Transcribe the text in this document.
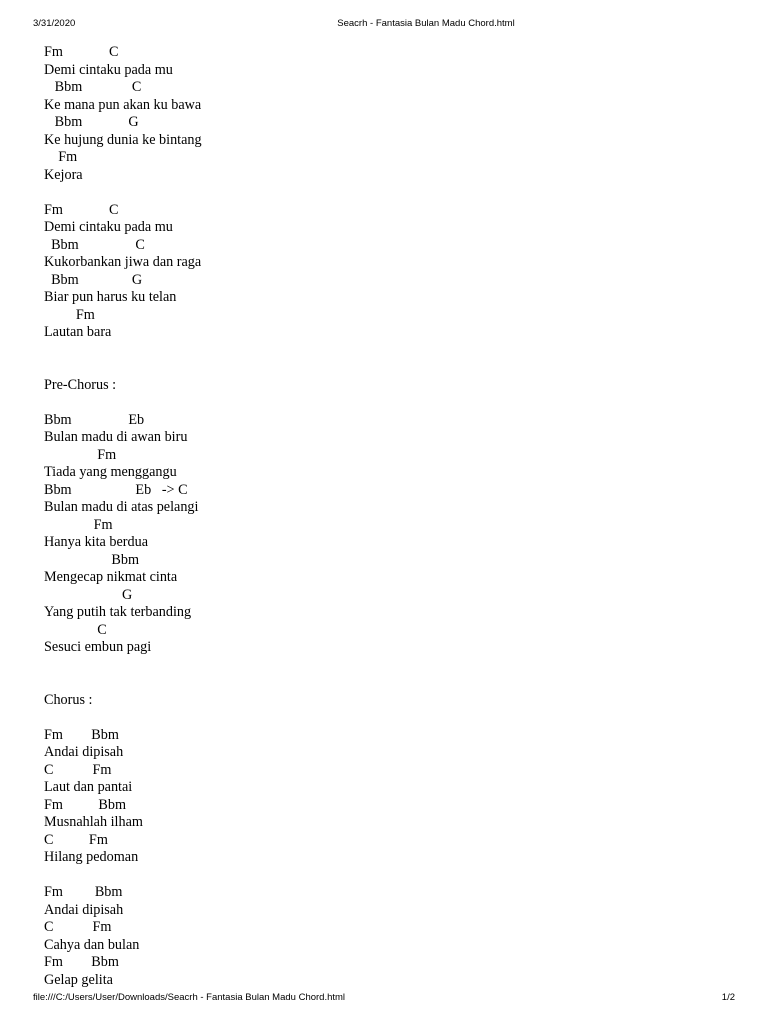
3/31/2020	Seacrh - Fantasia Bulan Madu Chord.html
Fm             C
Demi cintaku pada mu
Bbm              C
Ke mana pun akan ku bawa
Bbm             G
Ke hujung dunia ke bintang
Fm
Kejora
Fm             C
Demi cintaku pada mu
Bbm                C
Kukorbankan jiwa dan raga
Bbm               G
Biar pun harus ku telan
Fm
Lautan bara
Pre-Chorus :
Bbm                Eb
Bulan madu di awan biru
Fm
Tiada yang menggangu
Bbm                  Eb   -> C
Bulan madu di atas pelangi
Fm
Hanya kita berdua
Bbm
Mengecap nikmat cinta
G
Yang putih tak terbanding
C
Sesuci embun pagi
Chorus :
Fm        Bbm
Andai dipisah
C           Fm
Laut dan pantai
Fm          Bbm
Musnahlah ilham
C          Fm
Hilang pedoman
Fm         Bbm
Andai dipisah
C           Fm
Cahya dan bulan
Fm        Bbm
Gelap gelita
file:///C:/Users/User/Downloads/Seacrh - Fantasia Bulan Madu Chord.html	1/2
